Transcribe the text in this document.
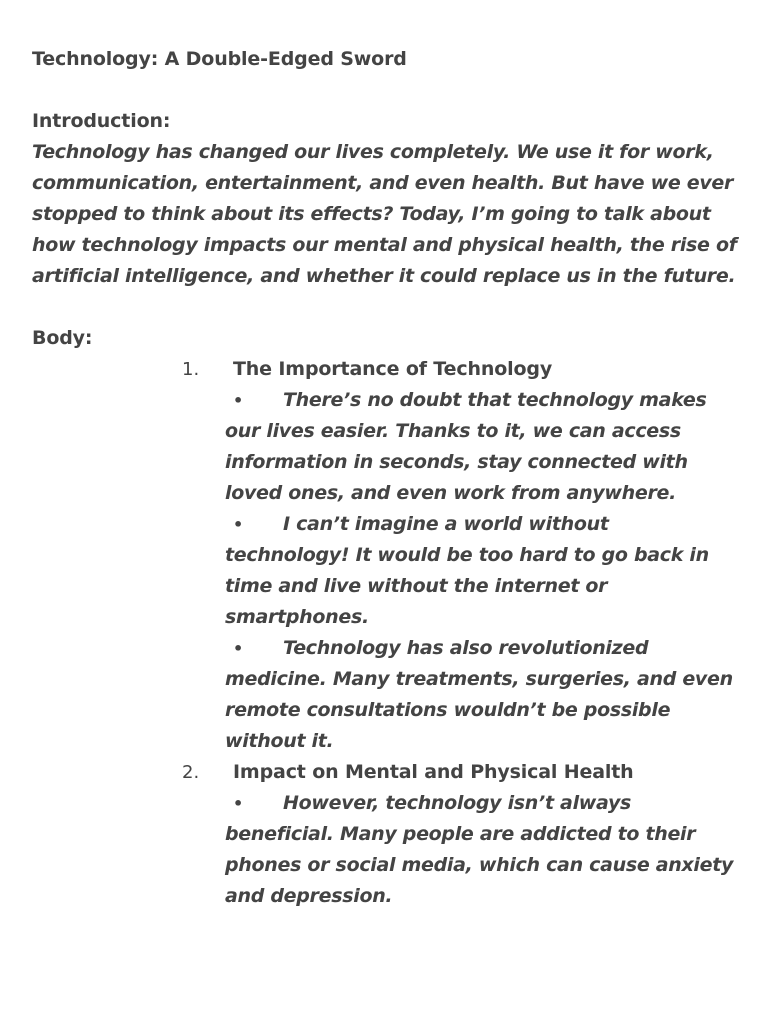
Technology: A Double-Edged Sword
Introduction:

Technology has changed our lives completely. We use it for work, communication, entertainment, and even health. But have we ever stopped to think about its effects? Today, I’m going to talk about how technology impacts our mental and physical health, the rise of artificial intelligence, and whether it could replace us in the future.

Body:
1. The Importance of Technology
• There’s no doubt that technology makes our lives easier. Thanks to it, we can access information in seconds, stay connected with loved ones, and even work from anywhere.
• I can’t imagine a world without technology! It would be too hard to go back in time and live without the internet or smartphones.
• Technology has also revolutionized medicine. Many treatments, surgeries, and even remote consultations wouldn’t be possible without it.
2. Impact on Mental and Physical Health
• However, technology isn’t always beneficial. Many people are addicted to their phones or social media, which can cause anxiety and depression.
